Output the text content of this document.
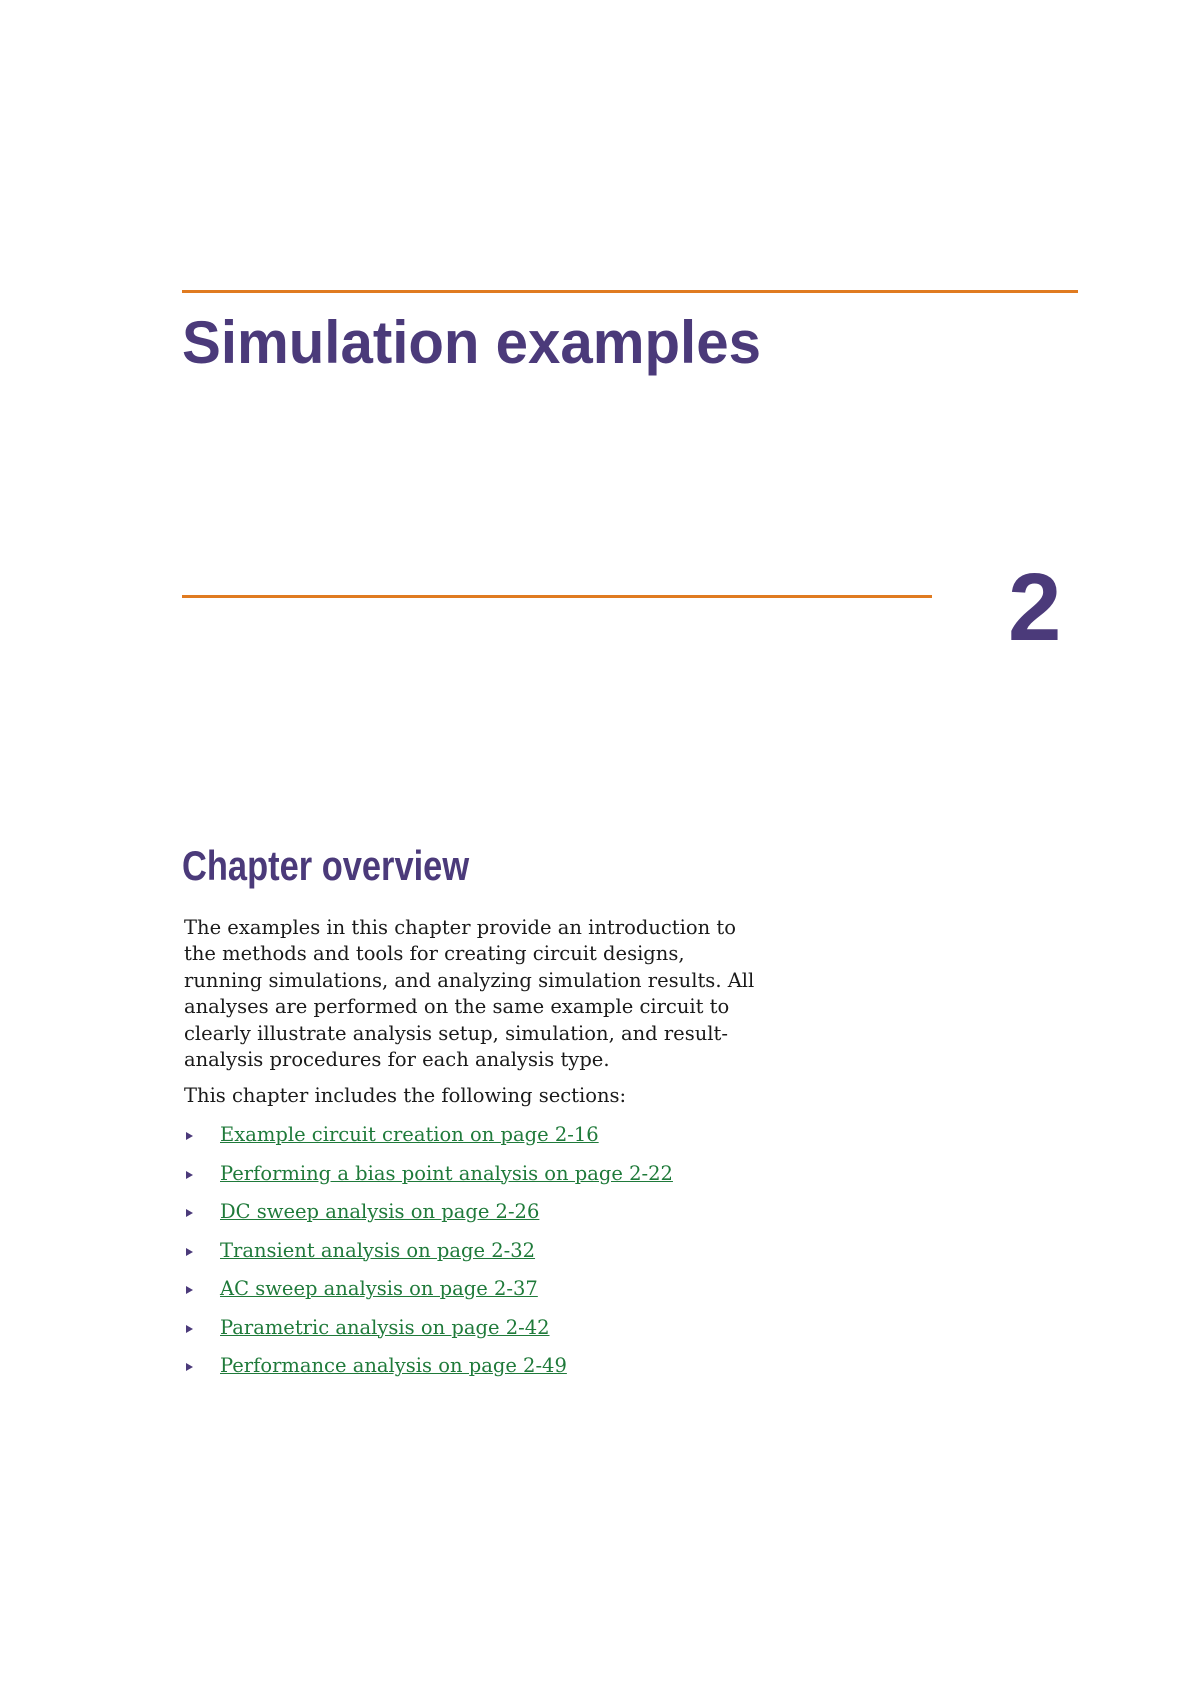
Simulation examples
2
Chapter overview

The examples in this chapter provide an introduction to the methods and tools for creating circuit designs, running simulations, and analyzing simulation results. All analyses are performed on the same example circuit to clearly illustrate analysis setup, simulation, and result-analysis procedures for each analysis type.

This chapter includes the following sections:

Example circuit creation on page 2-16
Performing a bias point analysis on page 2-22
DC sweep analysis on page 2-26
Transient analysis on page 2-32
AC sweep analysis on page 2-37
Parametric analysis on page 2-42
Performance analysis on page 2-49
